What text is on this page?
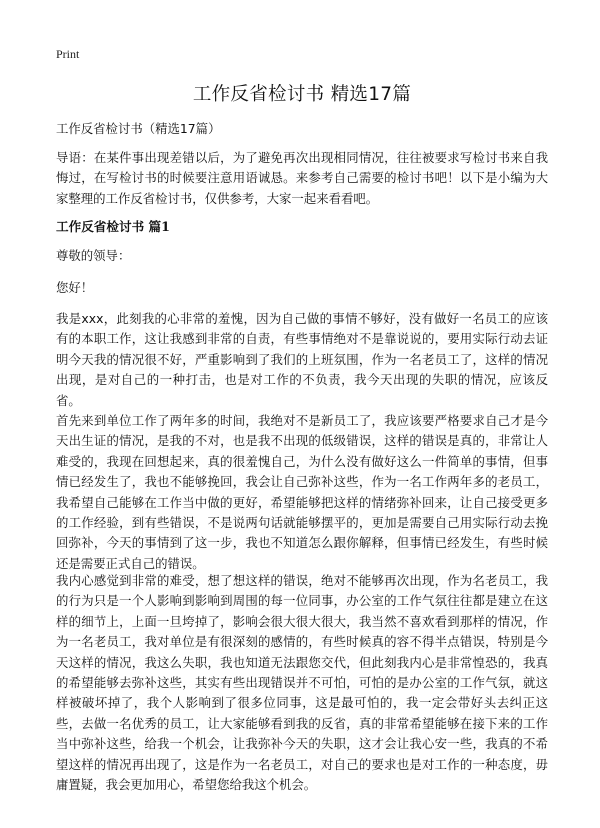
Print
工作反省检讨书 精选17篇

工作反省检讨书（精选17篇）

导语：在某件事出现差错以后，为了避免再次出现相同情况，往往被要求写检讨书来自我悔过，在写检讨书的时候要注意用语诚恳。来参考自己需要的检讨书吧！以下是小编为大家整理的工作反省检讨书，仅供参考，大家一起来看看吧。

工作反省检讨书 篇1

尊敬的领导：

您好！

我是xxx，此刻我的心非常的羞愧，因为自己做的事情不够好，没有做好一名员工的应该有的本职工作，这让我感到非常的自责，有些事情绝对不是靠说说的，要用实际行动去证明今天我的情况很不好，严重影响到了我们的上班氛围，作为一名老员工了，这样的情况出现，是对自己的一种打击，也是对工作的不负责，我今天出现的失职的情况，应该反省。

首先来到单位工作了两年多的时间，我绝对不是新员工了，我应该要严格要求自己才是今天出生证的情况，是我的不对，也是我不出现的低级错误，这样的错误是真的，非常让人难受的，我现在回想起来，真的很羞愧自己，为什么没有做好这么一件简单的事情，但事情已经发生了，我也不能够挽回，我会让自己弥补这些，作为一名工作两年多的老员工，我希望自己能够在工作当中做的更好，希望能够把这样的情绪弥补回来，让自己接受更多的工作经验，到有些错误，不是说两句话就能够摆平的，更加是需要自己用实际行动去挽回弥补，今天的事情到了这一步，我也不知道怎么跟你解释，但事情已经发生，有些时候还是需要正式自己的错误。

我内心感觉到非常的难受，想了想这样的错误，绝对不能够再次出现，作为名老员工，我的行为只是一个人影响到影响到周围的每一位同事，办公室的工作气氛往往都是建立在这样的细节上，上面一旦垮掉了，影响会很大很大很大，我当然不喜欢看到那样的情况，作为一名老员工，我对单位是有很深刻的感情的，有些时候真的容不得半点错误，特别是今天这样的情况，我这么失职，我也知道无法跟您交代，但此刻我内心是非常惶恐的，我真的希望能够去弥补这些，其实有些出现错误并不可怕，可怕的是办公室的工作气氛，就这样被破坏掉了，我个人影响到了很多位同事，这是最可怕的，我一定会带好头去纠正这些，去做一名优秀的员工，让大家能够看到我的反省，真的非常希望能够在接下来的工作当中弥补这些，给我一个机会，让我弥补今天的失职，这才会让我心安一些，我真的不希望这样的情况再出现了，这是作为一名老员工，对自己的要求也是对工作的一种态度，毋庸置疑，我会更加用心，希望您给我这个机会。
